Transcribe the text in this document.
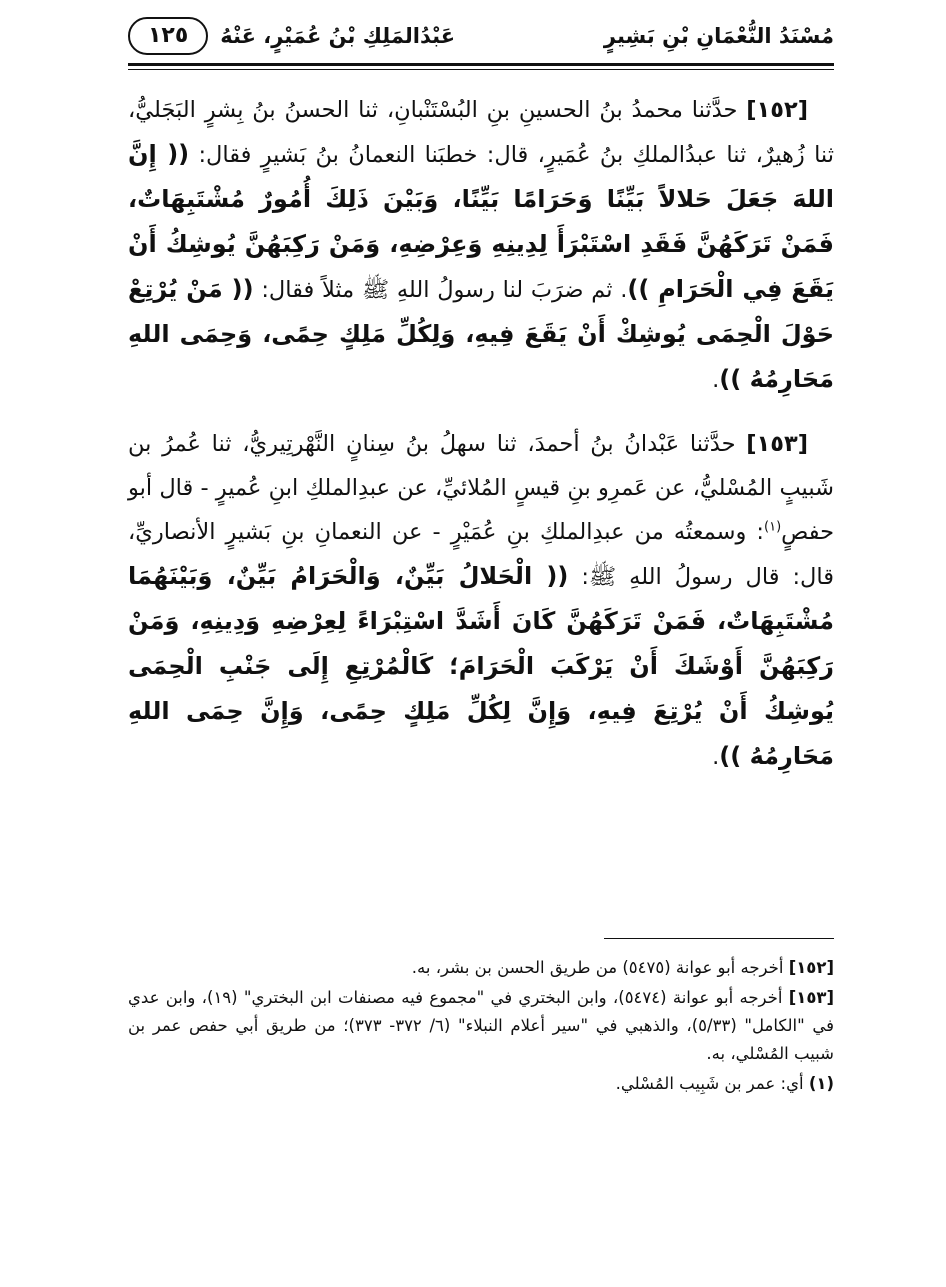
مُسْنَدُ النُّعْمَانِ بْنِ بَشِيرٍ
عَبْدُالمَلِكِ بْنُ عُمَيْرٍ، عَنْهُ
١٢٥

[١٥٢] حدَّثنا محمدُ بنُ الحسينِ بنِ البُسْتَنْبانِ، ثنا الحسنُ بنُ بِشرٍ البَجَليُّ، ثنا زُهيرٌ، ثنا عبدُالملكِ بنُ عُمَيرٍ، قال: خطبَنا النعمانُ بنُ بَشيرٍ فقال: (( إِنَّ اللهَ جَعَلَ حَلالاً بَيِّنًا وَحَرَامًا بَيِّنًا، وَبَيْنَ ذَلِكَ أُمُورٌ مُشْتَبِهَاتٌ، فَمَنْ تَرَكَهُنَّ فَقَدِ اسْتَبْرَأَ لِدِينِهِ وَعِرْضِهِ، وَمَنْ رَكِبَهُنَّ يُوشِكُ أَنْ يَقَعَ فِي الْحَرَامِ )). ثم ضرَبَ لنا رسولُ اللهِ ﷺ مثلاً فقال: (( مَنْ يُرْتِعْ حَوْلَ الْحِمَى يُوشِكْ أَنْ يَقَعَ فِيهِ، وَلِكُلِّ مَلِكٍ حِمًى، وَحِمَى اللهِ مَحَارِمُهُ )).

[١٥٣] حدَّثنا عَبْدانُ بنُ أحمدَ، ثنا سهلُ بنُ سِنانٍ النَّهْرتِيريُّ، ثنا عُمرُ بن شَبيبٍ المُسْليُّ، عن عَمرِو بنِ قيسٍ المُلائيِّ، عن عبدِالملكِ ابنِ عُميرٍ - قال أبو حفصٍ$^{(١)}$: وسمعتُه من عبدِالملكِ بنِ عُمَيْرٍ - عن النعمانِ بنِ بَشيرٍ الأنصاريِّ، قال: قال رسولُ اللهِ ﷺ: (( الْحَلالُ بَيِّنٌ، وَالْحَرَامُ بَيِّنٌ، وَبَيْنَهُمَا مُشْتَبِهَاتٌ، فَمَنْ تَرَكَهُنَّ كَانَ أَشَدَّ اسْتِبْرَاءً لِعِرْضِهِ وَدِينِهِ، وَمَنْ رَكِبَهُنَّ أَوْشَكَ أَنْ يَرْكَبَ الْحَرَامَ؛ كَالْمُرْتِعِ إِلَى جَنْبِ الْحِمَى يُوشِكُ أَنْ يُرْتِعَ فِيهِ، وَإِنَّ لِكُلِّ مَلِكٍ حِمًى، وَإِنَّ حِمَى اللهِ مَحَارِمُهُ )).

[١٥٢] أخرجه أبو عوانة (٥٤٧٥) من طريق الحسن بن بشر، به.

[١٥٣] أخرجه أبو عوانة (٥٤٧٤)، وابن البختري في "مجموع فيه مصنفات ابن البختري" (١٩)، وابن عدي في "الكامل" (٥/٣٣)، والذهبي في "سير أعلام النبلاء" (٦/ ٣٧٢- ٣٧٣)؛ من طريق أبي حفص عمر بن شبيب المُسْلي، به.

(١) أي: عمر بن شَبِيب المُسْلي.
